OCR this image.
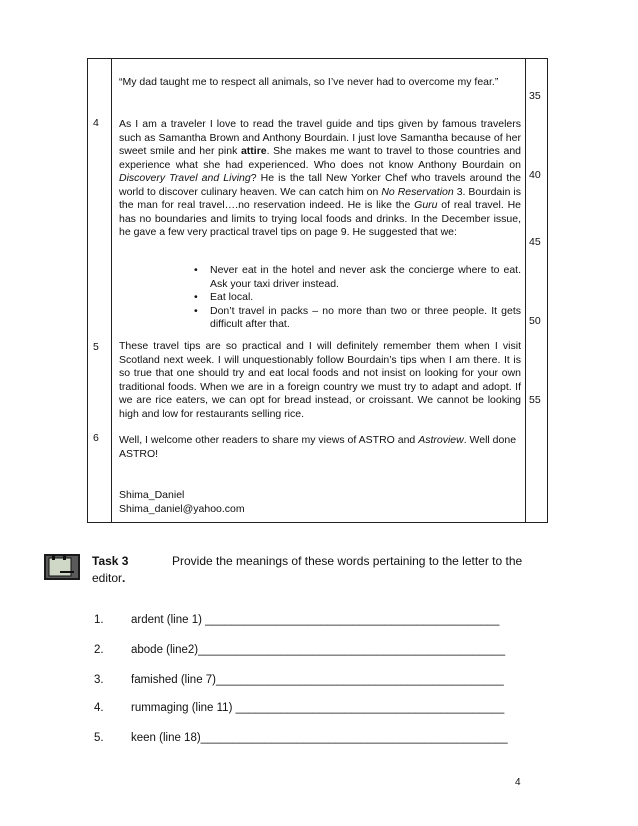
4
5
6
35
40
45
50
55
“My dad taught me to respect all animals, so I’ve never had to overcome my fear.”

As I am a traveler I love to read the travel guide and tips given by famous travelers such as Samantha Brown and Anthony Bourdain. I just love Samantha because of her sweet smile and her pink attire. She makes me want to travel to those countries and experience what she had experienced. Who does not know Anthony Bourdain on Discovery Travel and Living? He is the tall New Yorker Chef who travels around the world to discover culinary heaven. We can catch him on No Reservation 3. Bourdain is the man for real travel….no reservation indeed. He is like the Guru of real travel. He has no boundaries and limits to trying local foods and drinks. In the December issue, he gave a few very practical travel tips on page 9. He suggested that we:

• Never eat in the hotel and never ask the concierge where to eat. Ask your taxi driver instead.
• Eat local.
• Don’t travel in packs – no more than two or three people. It gets difficult after that.
These travel tips are so practical and I will definitely remember them when I visit Scotland next week. I will unquestionably follow Bourdain’s tips when I am there. It is so true that one should try and eat local foods and not insist on looking for your own traditional foods. When we are in a foreign country we must try to adapt and adopt. If we are rice eaters, we can opt for bread instead, or croissant. We cannot be looking high and low for restaurants selling rice.

Well, I welcome other readers to share my views of ASTRO and Astroview. Well done ASTRO!

Shima_Daniel
Shima_daniel@yahoo.com
Task 3	Provide the meanings of these words pertaining to the letter to the
editor.
1. ardent (line 1) ______________________________________________
2. abode (line2)________________________________________________
3. famished (line 7)_____________________________________________
4. rummaging (line 11) __________________________________________
5. keen (line 18)________________________________________________
4
